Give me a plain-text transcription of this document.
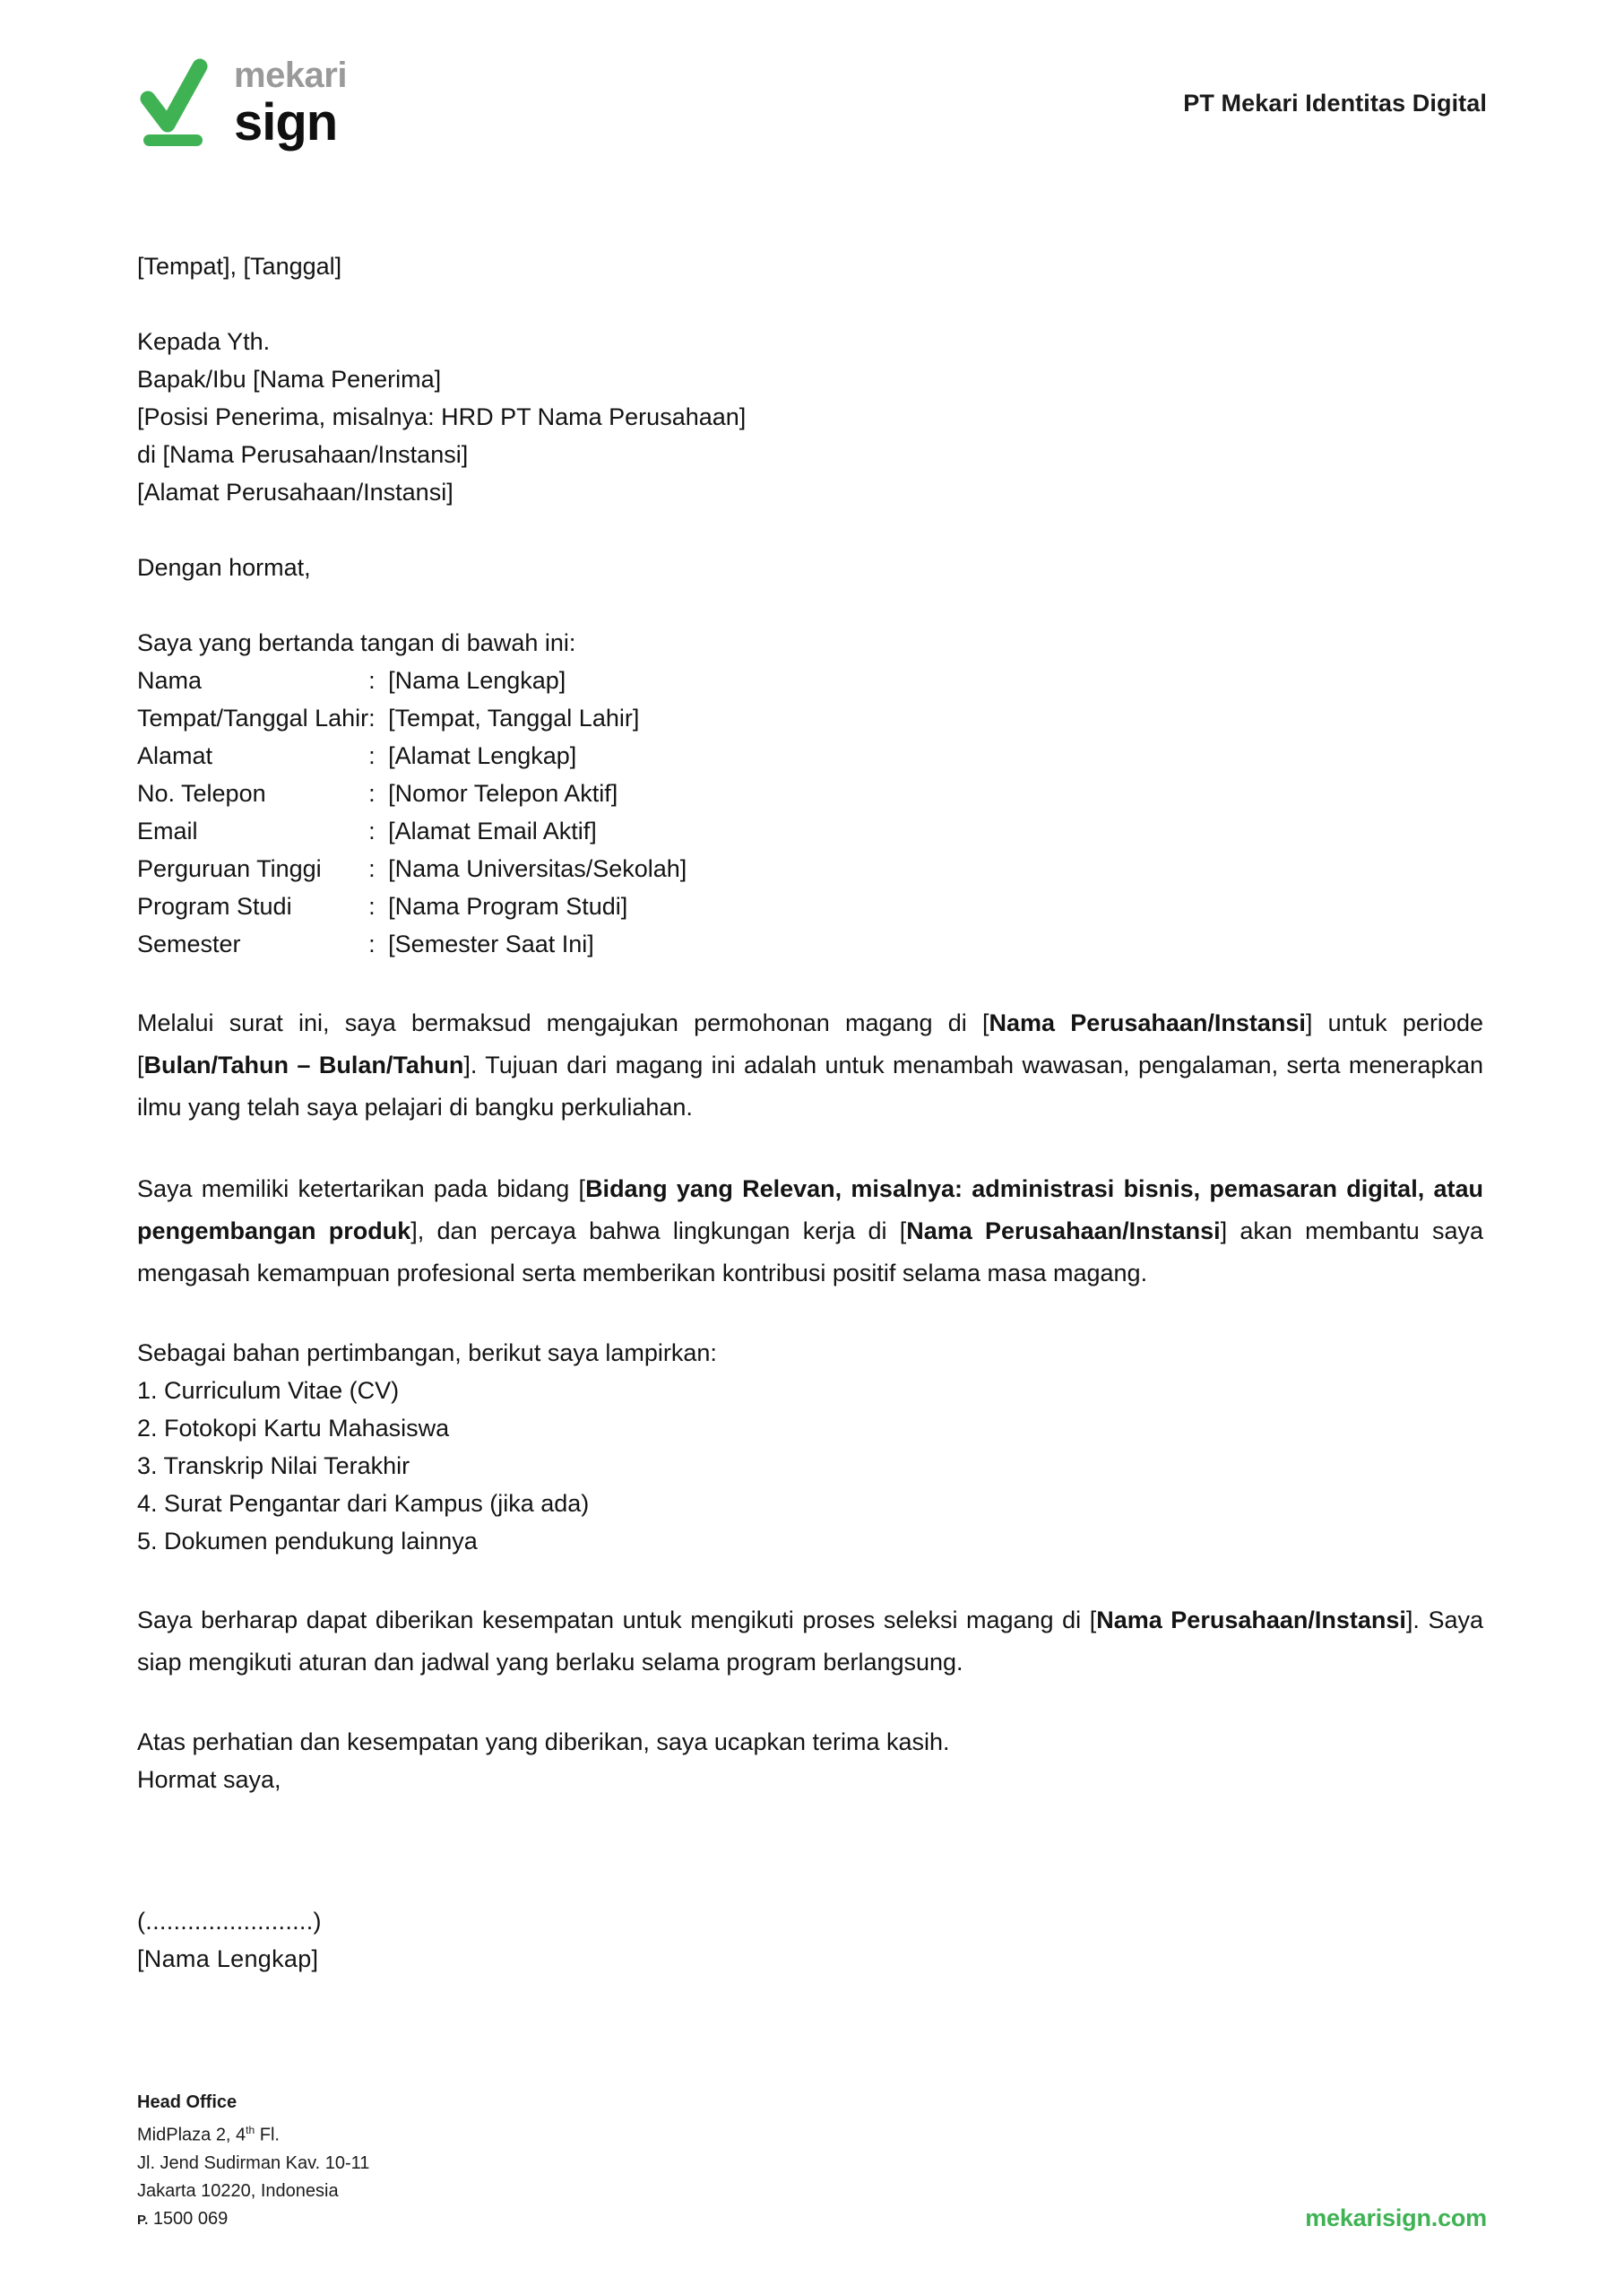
mekari
sign	PT Mekari Identitas Digital
[Tempat], [Tanggal]
Kepada Yth.
Bapak/Ibu [Nama Penerima]
[Posisi Penerima, misalnya: HRD PT Nama Perusahaan]
di [Nama Perusahaan/Instansi]
[Alamat Perusahaan/Instansi]
Dengan hormat,
Saya yang bertanda tangan di bawah ini:
Nama	:	[Nama Lengkap]
Tempat/Tanggal Lahir	:	[Tempat, Tanggal Lahir]
Alamat	:	[Alamat Lengkap]
No. Telepon	:	[Nomor Telepon Aktif]
Email	:	[Alamat Email Aktif]
Perguruan Tinggi	:	[Nama Universitas/Sekolah]
Program Studi	:	[Nama Program Studi]
Semester	:	[Semester Saat Ini]

Melalui surat ini, saya bermaksud mengajukan permohonan magang di [Nama Perusahaan/Instansi] untuk periode [Bulan/Tahun – Bulan/Tahun]. Tujuan dari magang ini adalah untuk menambah wawasan, pengalaman, serta menerapkan ilmu yang telah saya pelajari di bangku perkuliahan.

Saya memiliki ketertarikan pada bidang [Bidang yang Relevan, misalnya: administrasi bisnis, pemasaran digital, atau pengembangan produk], dan percaya bahwa lingkungan kerja di [Nama Perusahaan/Instansi] akan membantu saya mengasah kemampuan profesional serta memberikan kontribusi positif selama masa magang.

Sebagai bahan pertimbangan, berikut saya lampirkan:
1. Curriculum Vitae (CV)
2. Fotokopi Kartu Mahasiswa
3. Transkrip Nilai Terakhir
4. Surat Pengantar dari Kampus (jika ada)
5. Dokumen pendukung lainnya

Saya berharap dapat diberikan kesempatan untuk mengikuti proses seleksi magang di [Nama Perusahaan/Instansi]. Saya siap mengikuti aturan dan jadwal yang berlaku selama program berlangsung.

Atas perhatian dan kesempatan yang diberikan, saya ucapkan terima kasih.
Hormat saya,
(........................)
[Nama Lengkap]
Head Office
MidPlaza 2, 4th Fl.
Jl. Jend Sudirman Kav. 10-11
Jakarta 10220, Indonesia
P. 1500 069	mekarisign.com
